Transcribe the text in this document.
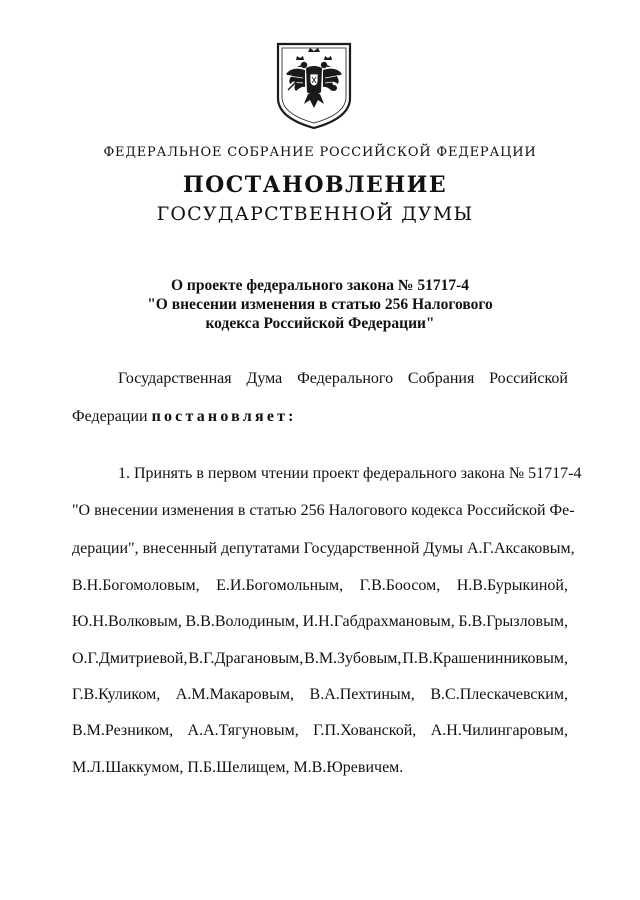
ФЕДЕРАЛЬНОЕ СОБРАНИЕ РОССИЙСКОЙ ФЕДЕРАЦИИ
ПОСТАНОВЛЕНИЕ
ГОСУДАРСТВЕННОЙ ДУМЫ
О проекте федерального закона № 51717-4
"О внесении изменения в статью 256 Налогового
кодекса Российской Федерации"
Государственная Дума Федерального Собрания Российской
Федерации постановляет:
1. Принять в первом чтении проект федерального закона № 51717-4
"О внесении изменения в статью 256 Налогового кодекса Российской Фе-
дерации", внесенный депутатами Государственной Думы А.Г.Аксаковым,
В.Н.Богомоловым, Е.И.Богомольным, Г.В.Боосом, Н.В.Бурыкиной,
Ю.Н.Волковым, В.В.Володиным, И.Н.Габдрахмановым, Б.В.Грызловым,
О.Г.Дмитриевой, В.Г.Драгановым, В.М.Зубовым, П.В.Крашенинниковым,
Г.В.Куликом, А.М.Макаровым, В.А.Пехтиным, В.С.Плескачевским,
В.М.Резником, А.А.Тягуновым, Г.П.Хованской, А.Н.Чилингаровым,
М.Л.Шаккумом, П.Б.Шелищем, М.В.Юревичем.
